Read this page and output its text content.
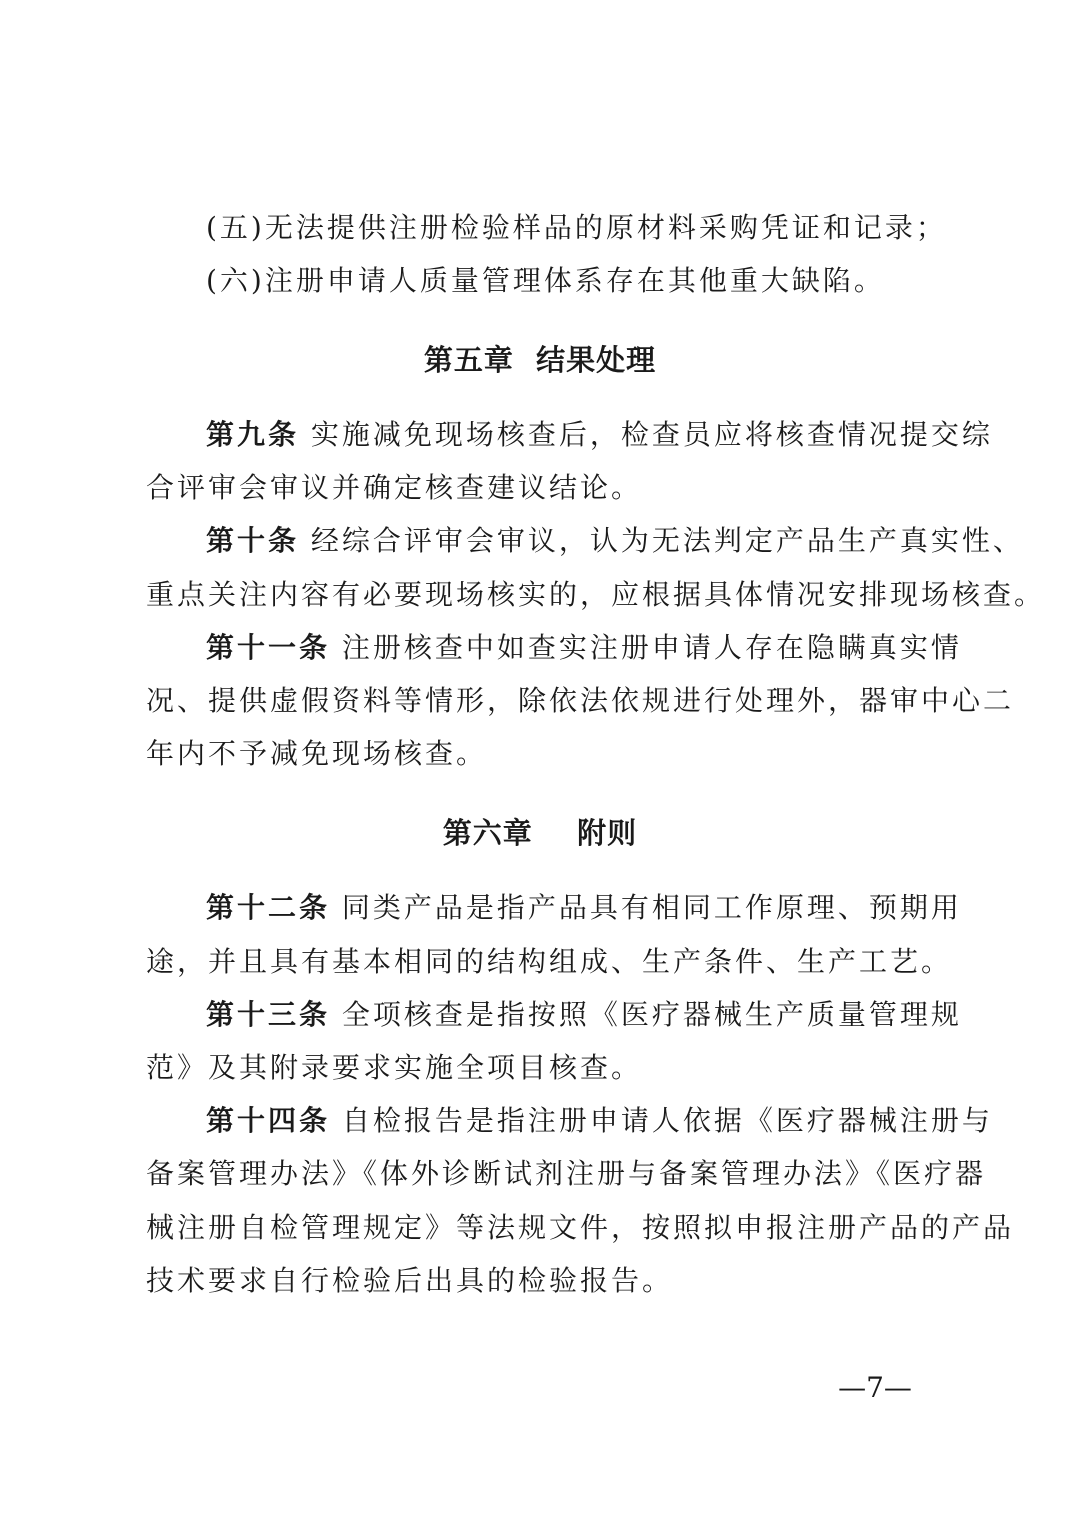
(五)无法提供注册检验样品的原材料采购凭证和记录；
(六)注册申请人质量管理体系存在其他重大缺陷。
第五章  结果处理
第九条 实施减免现场核查后，检查员应将核查情况提交综
合评审会审议并确定核查建议结论。
第十条 经综合评审会审议，认为无法判定产品生产真实性、
重点关注内容有必要现场核实的，应根据具体情况安排现场核查。
第十一条 注册核查中如查实注册申请人存在隐瞒真实情
况、提供虚假资料等情形，除依法依规进行处理外，器审中心二
年内不予减免现场核查。
第六章    附则
第十二条 同类产品是指产品具有相同工作原理、预期用
途，并且具有基本相同的结构组成、生产条件、生产工艺。
第十三条 全项核查是指按照《医疗器械生产质量管理规
范》及其附录要求实施全项目核查。
第十四条 自检报告是指注册申请人依据《医疗器械注册与
备案管理办法》《体外诊断试剂注册与备案管理办法》《医疗器
械注册自检管理规定》等法规文件，按照拟申报注册产品的产品
技术要求自行检验后出具的检验报告。
—7—
